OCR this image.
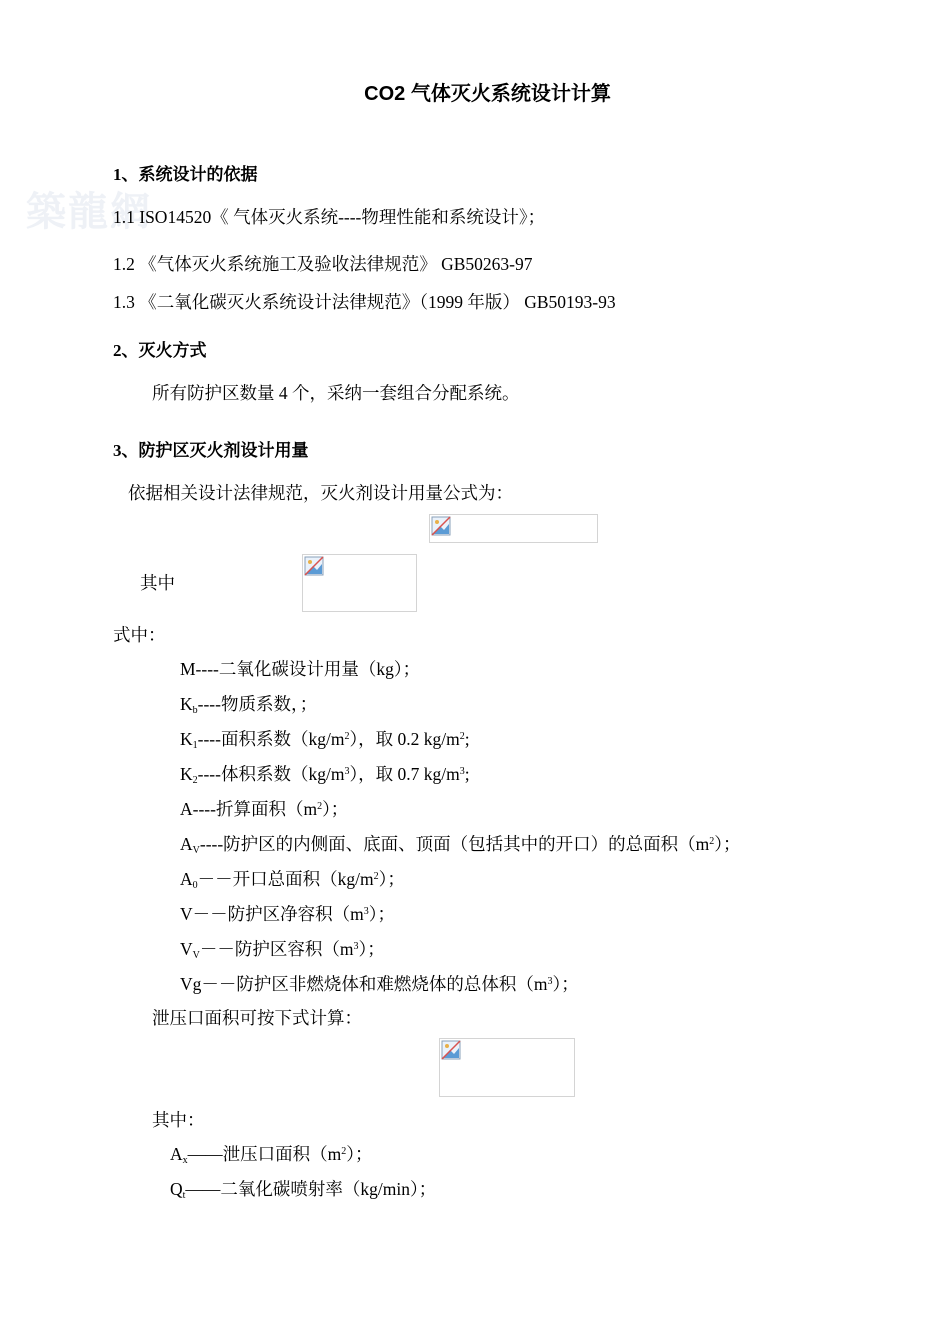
築龍網
CO2 气体灭火系统设计计算
1、系统设计的依据
1.1 ISO14520《 气体灭火系统----物理性能和系统设计》；
1.2 《气体灭火系统施工及验收法律规范》 GB50263-97
1.3 《二氧化碳灭火系统设计法律规范》（1999 年版） GB50193-93
2、灭火方式
所有防护区数量 4 个，采纳一套组合分配系统。
3、防护区灭火剂设计用量
依据相关设计法律规范，灭火剂设计用量公式为：
其中
式中：
M----二氧化碳设计用量（kg）；
$K_b----$物质系数，；
$K_1----$面积系数$(kg/m^2)$，取 0.2 $kg/m^2$;
$K_2----$体积系数$(kg/m^3)$，取 0.7 $kg/m^3$;
A----折算面积$(m^2)$；
$A_V----$防护区的内侧面、底面、顶面（包括其中的开口）的总面积$(m^2)$；
$A_0--$开口总面积$(kg/m^2)$；
V－－防护区净容积$(m^3)$；
$V_V--$防护区容积$(m^3)$；
Vg－－防护区非燃烧体和难燃烧体的总体积$(m^3)$；
泄压口面积可按下式计算：
其中：
$A_x——$泄压口面积$(m^2)$；
$Q_t——$二氧化碳喷射率（kg/min）；
